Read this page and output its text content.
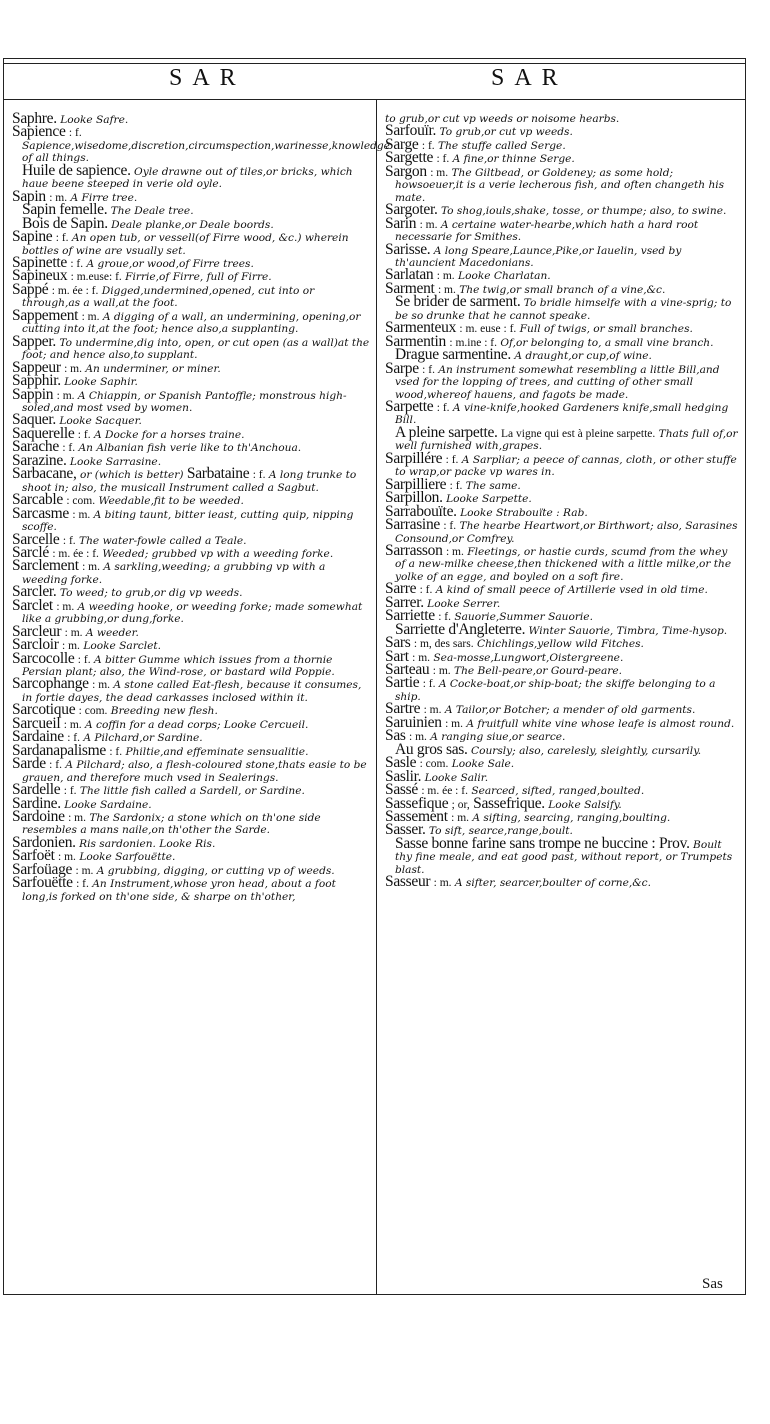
SAR	SAR

Saphre. Looke Safre.

Sapience : f. Sapience,wisedome,discretion,circumspection,warinesse,knowledge of all things.

Huile de sapience. Oyle drawne out of tiles,or bricks, which haue beene steeped in verie old oyle.

Sapin : m. A Firre tree.

Sapin femelle. The Deale tree.

Bois de Sapin. Deale planke,or Deale boords.

Sapine : f. An open tub, or vessell(of Firre wood, &c.) wherein bottles of wine are vsually set.

Sapinette : f. A groue,or wood,of Firre trees.

Sapineux : m.euse: f. Firrie,of Firre, full of Firre.

Sappé : m. ée : f. Digged,undermined,opened, cut into or through,as a wall,at the foot.

Sappement : m. A digging of a wall, an undermining, opening,or cutting into it,at the foot; hence also,a supplanting.

Sapper. To undermine,dig into, open, or cut open (as a wall)at the foot; and hence also,to supplant.

Sappeur : m. An underminer, or miner.

Sapphir. Looke Saphir.

Sappin : m. A Chiappin, or Spanish Pantoffle; monstrous high-soled,and most vsed by women.

Saquer. Looke Sacquer.

Saquerelle : f. A Docke for a horses traine.

Sarache : f. An Albanian fish verie like to th'Anchoua.

Sarazine. Looke Sarrasine.

Sarbacane, or (which is better) Sarbataine : f. A long trunke to shoot in; also, the musicall Instrument called a Sagbut.

Sarcable : com. Weedable,fit to be weeded.

Sarcasme : m. A biting taunt, bitter ieast, cutting quip, nipping scoffe.

Sarcelle : f. The water-fowle called a Teale.

Sarclé : m. ée : f. Weeded; grubbed vp with a weeding forke.

Sarclement : m. A sarkling,weeding; a grubbing vp with a weeding forke.

Sarcler. To weed; to grub,or dig vp weeds.

Sarclet : m. A weeding hooke, or weeding forke; made somewhat like a grubbing,or dung,forke.

Sarcleur : m. A weeder.

Sarcloir : m. Looke Sarclet.

Sarcocolle : f. A bitter Gumme which issues from a thornie Persian plant; also, the Wind-rose, or bastard wild Poppie.

Sarcophange : m. A stone called Eat-flesh, because it consumes, in fortie dayes, the dead carkasses inclosed within it.

Sarcotique : com. Breeding new flesh.

Sarcueil : m. A coffin for a dead corps; Looke Cercueil.

Sardaine : f. A Pilchard,or Sardine.

Sardanapalisme : f. Philtie,and effeminate sensualitie.

Sarde : f. A Pilchard; also, a flesh-coloured stone,thats easie to be grauen, and therefore much vsed in Sealerings.

Sardelle : f. The little fish called a Sardell, or Sardine.

Sardine. Looke Sardaine.

Sardoine : m. The Sardonix; a stone which on th'one side resembles a mans naile,on th'other the Sarde.

Sardonien. Ris sardonien. Looke Ris.

Sarfoët : m. Looke Sarfouëtte.

Sarfoüage : m. A grubbing, digging, or cutting vp of weeds.

Sarfouëtte : f. An Instrument,whose yron head, about a foot long,is forked on th'one side, & sharpe on th'other,

to grub,or cut vp weeds or noisome hearbs.

Sarfouïr. To grub,or cut vp weeds.

Sarge : f. The stuffe called Serge.

Sargette : f. A fine,or thinne Serge.

Sargon : m. The Giltbead, or Goldeney; as some hold; howsoeuer,it is a verie lecherous fish, and often changeth his mate.

Sargoter. To shog,iouls,shake, tosse, or thumpe; also, to swine.

Sarin : m. A certaine water-hearbe,which hath a hard root necessarie for Smithes.

Sarisse. A long Speare,Launce,Pike,or Iauelin, vsed by th'auncient Macedonians.

Sarlatan : m. Looke Charlatan.

Sarment : m. The twig,or small branch of a vine,&c.

Se brider de sarment. To bridle himselfe with a vine-sprig; to be so drunke that he cannot speake.

Sarmenteux : m. euse : f. Full of twigs, or small branches.

Sarmentin : m.ine : f. Of,or belonging to, a small vine branch.

Drague sarmentine. A draught,or cup,of wine.

Sarpe : f. An instrument somewhat resembling a little Bill,and vsed for the lopping of trees, and cutting of other small wood,whereof hauens, and fagots be made.

Sarpette : f. A vine-knife,hooked Gardeners knife,small hedging Bill.

A pleine sarpette. La vigne qui est à pleine sarpette. Thats full of,or well furnished with,grapes.

Sarpillére : f. A Sarpliar; a peece of cannas, cloth, or other stuffe to wrap,or packe vp wares in.

Sarpilliere : f. The same.

Sarpillon. Looke Sarpette.

Sarrabouïte. Looke Strabouïte : Rab.

Sarrasine : f. The hearbe Heartwort,or Birthwort; also, Sarasines Consound,or Comfrey.

Sarrasson : m. Fleetings, or hastie curds, scumd from the whey of a new-milke cheese,then thickened with a little milke,or the yolke of an egge, and boyled on a soft fire.

Sarre : f. A kind of small peece of Artillerie vsed in old time.

Sarrer. Looke Serrer.

Sarriette : f. Sauorie,Summer Sauorie.

Sarriette d'Angleterre. Winter Sauorie, Timbra, Time-hysop.

Sars : m, des sars. Chichlings,yellow wild Fitches.

Sart : m. Sea-mosse,Lungwort,Oistergreene.

Sarteau : m. The Bell-peare,or Gourd-peare.

Sartie : f. A Cocke-boat,or ship-boat; the skiffe belonging to a ship.

Sartre : m. A Tailor,or Botcher; a mender of old garments.

Saruinien : m. A fruitfull white vine whose leafe is almost round.

Sas : m. A ranging siue,or searce.

Au gros sas. Coursly; also, carelesly, sleightly, cursarily.

Sasle : com. Looke Sale.

Saslir. Looke Salir.

Sassé : m. ée : f. Searced, sifted, ranged,boulted.

Sassefique ; or, Sassefrique. Looke Salsify.

Sassement : m. A sifting, searcing, ranging,boulting.

Sasser. To sift, searce,range,boult.

Sasse bonne farine sans trompe ne buccine : Prov. Boult thy fine meale, and eat good past, without report, or Trumpets blast.

Sasseur : m. A sifter, searcer,boulter of corne,&c.

Sas
